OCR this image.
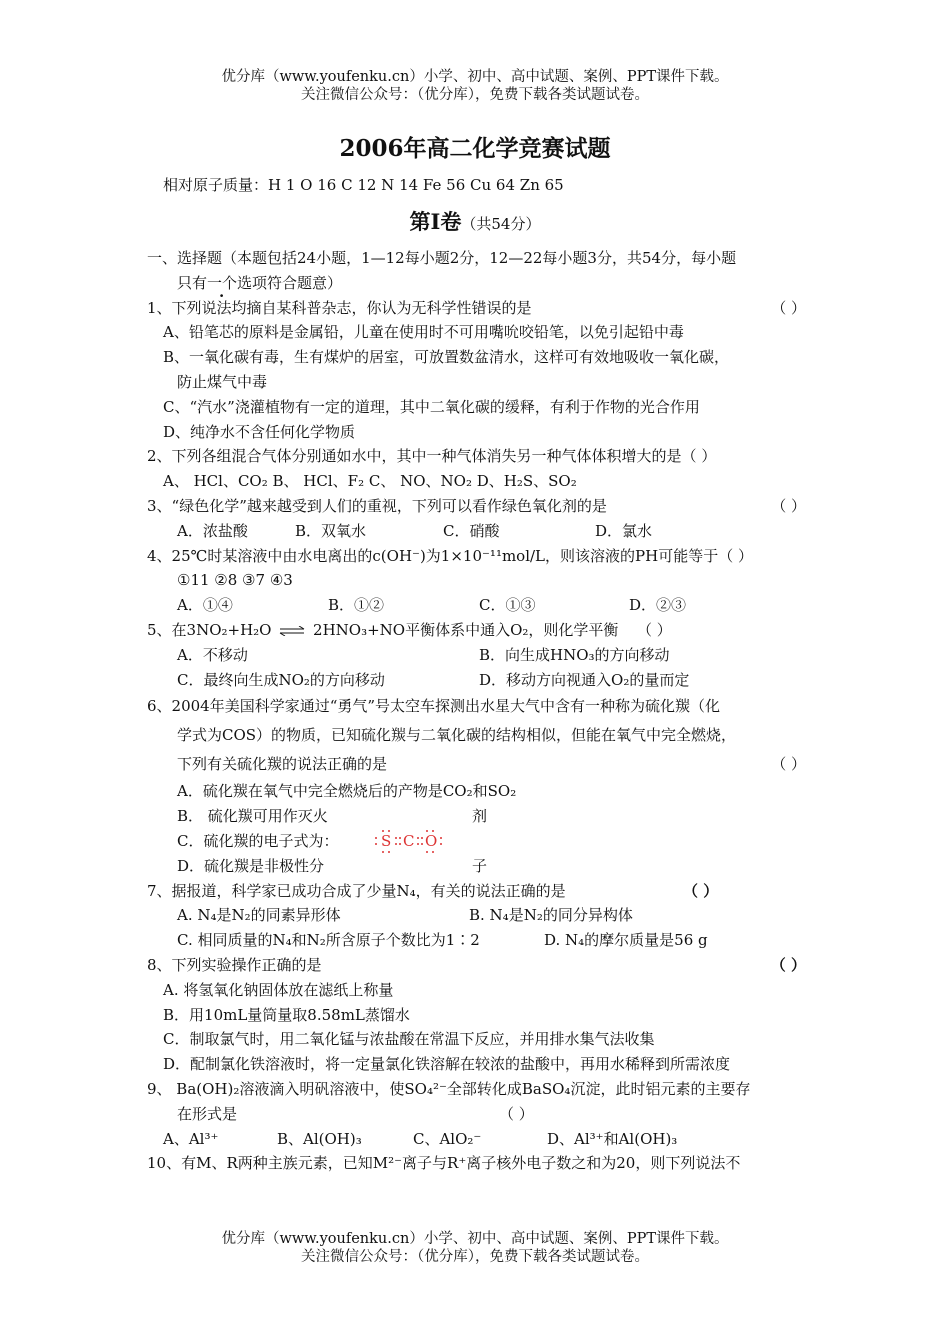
优分库（www.youfenku.cn）小学、初中、高中试题、案例、PPT课件下载。
关注微信公众号：（优分库），免费下载各类试题试卷。
2006年高二化学竞赛试题
相对原子质量：H 1 O 16 C 12 N 14 Fe 56 Cu 64 Zn 65
第Ⅰ卷（共54分）
一、选择题（本题包括24小题，1—12每小题2分，12—22每小题3分，共54分，每小题
只有一个选项符合题意）
1、下列说法均摘自某科普杂志，你认为无科学性错误的是	（ ）
A、铅笔芯的原料是金属铅，儿童在使用时不可用嘴吮咬铅笔，以免引起铅中毒
B、一氧化碳有毒，生有煤炉的居室，可放置数盆清水，这样可有效地吸收一氧化碳，
防止煤气中毒
C、“汽水”浇灌植物有一定的道理，其中二氧化碳的缓释，有利于作物的光合作用
D、纯净水不含任何化学物质
2、下列各组混合气体分别通如水中，其中一种气体消失另一种气体体积增大的是（ ）
A、 HCl、CO₂ B、 HCl、F₂ C、 NO、NO₂ D、H₂S、SO₂
3、“绿色化学”越来越受到人们的重视，下列可以看作绿色氧化剂的是	（ ）
A．浓盐酸	B．双氧水	C．硝酸	D．氯水
4、25℃时某溶液中由水电离出的c(OH⁻)为1×10⁻¹¹mol/L，则该溶液的PH可能等于（ ）
①11 ②8 ③7 ④3
A．①④	B．①②	C．①③	D．②③
5、在3NO₂+H₂O ⇌ 2HNO₃+NO平衡体系中通入O₂，则化学平衡 （ ）
A．不移动	B．向生成HNO₃的方向移动
C．最终向生成NO₂的方向移动	D．移动方向视通入O₂的量而定
6、2004年美国科学家通过“勇气”号太空车探测出水星大气中含有一种称为硫化羰（化
学式为COS）的物质，已知硫化羰与二氧化碳的结构相似，但能在氧气中完全燃烧，
下列有关硫化羰的说法正确的是	（ ）
A．硫化羰在氧气中完全燃烧后的产物是CO₂和SO₂
B． 硫化羰可用作灭火	剂
C．硫化羰的电子式为：	S C O
D．硫化羰是非极性分	子
7、据报道，科学家已成功合成了少量N₄，有关的说法正确的是	（ ）
A. N₄是N₂的同素异形体	B. N₄是N₂的同分异构体
C. 相同质量的N₄和N₂所含原子个数比为1∶2	D. N₄的摩尔质量是56 g
8、下列实验操作正确的是	（ ）
A. 将氢氧化钠固体放在滤纸上称量
B．用10mL量筒量取8.58mL蒸馏水
C．制取氯气时，用二氧化锰与浓盐酸在常温下反应，并用排水集气法收集
D．配制氯化铁溶液时，将一定量氯化铁溶解在较浓的盐酸中，再用水稀释到所需浓度
9、 Ba(OH)₂溶液滴入明矾溶液中，使SO₄²⁻全部转化成BaSO₄沉淀，此时铝元素的主要存
在形式是	（ ）
A、Al³⁺	B、Al(OH)₃	C、AlO₂⁻	D、Al³⁺和Al(OH)₃
10、有M、R两种主族元素，已知M²⁻离子与R⁺离子核外电子数之和为20，则下列说法不
优分库（www.youfenku.cn）小学、初中、高中试题、案例、PPT课件下载。
关注微信公众号：（优分库），免费下载各类试题试卷。
